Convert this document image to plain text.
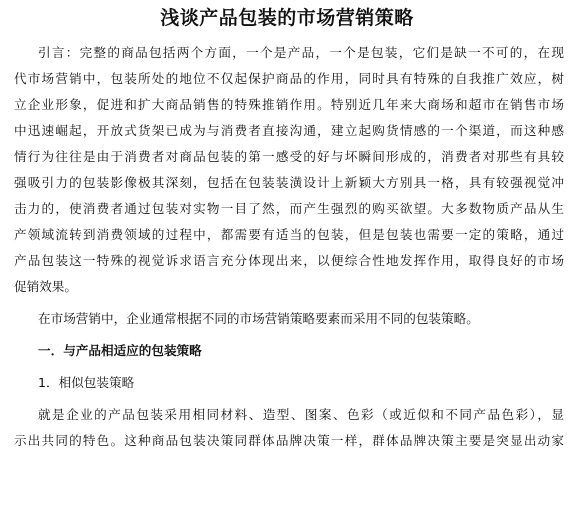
浅谈产品包装的市场营销策略
引言：完整的商品包括两个方面，一个是产品，一个是包装，它们是缺一不可的，在现
代市场营销中，包装所处的地位不仅起保护商品的作用，同时具有特殊的自我推广效应，树
立企业形象，促进和扩大商品销售的特殊推销作用。特别近几年来大商场和超市在销售市场
中迅速崛起，开放式货架已成为与消费者直接沟通，建立起购货情感的一个渠道，而这种感
情行为往往是由于消费者对商品包装的第一感受的好与坏瞬间形成的，消费者对那些有具较
强吸引力的包装影像极其深刻，包括在包装装潢设计上新颖大方别具一格，具有较强视觉冲
击力的，使消费者通过包装对实物一目了然，而产生强烈的购买欲望。大多数物质产品从生
产领域流转到消费领域的过程中，都需要有适当的包装，但是包装也需要一定的策略，通过
产品包装这一特殊的视觉诉求语言充分体现出来，以便综合性地发挥作用，取得良好的市场
促销效果。
在市场营销中，企业通常根据不同的市场营销策略要素而采用不同的包装策略。
一．与产品相适应的包装策略
1．相似包装策略
就是企业的产品包装采用相同材料、造型、图案、色彩（或近似和不同产品色彩），显
示出共同的特色。这种商品包装决策同群体品牌决策一样，群体品牌决策主要是突显出动家
